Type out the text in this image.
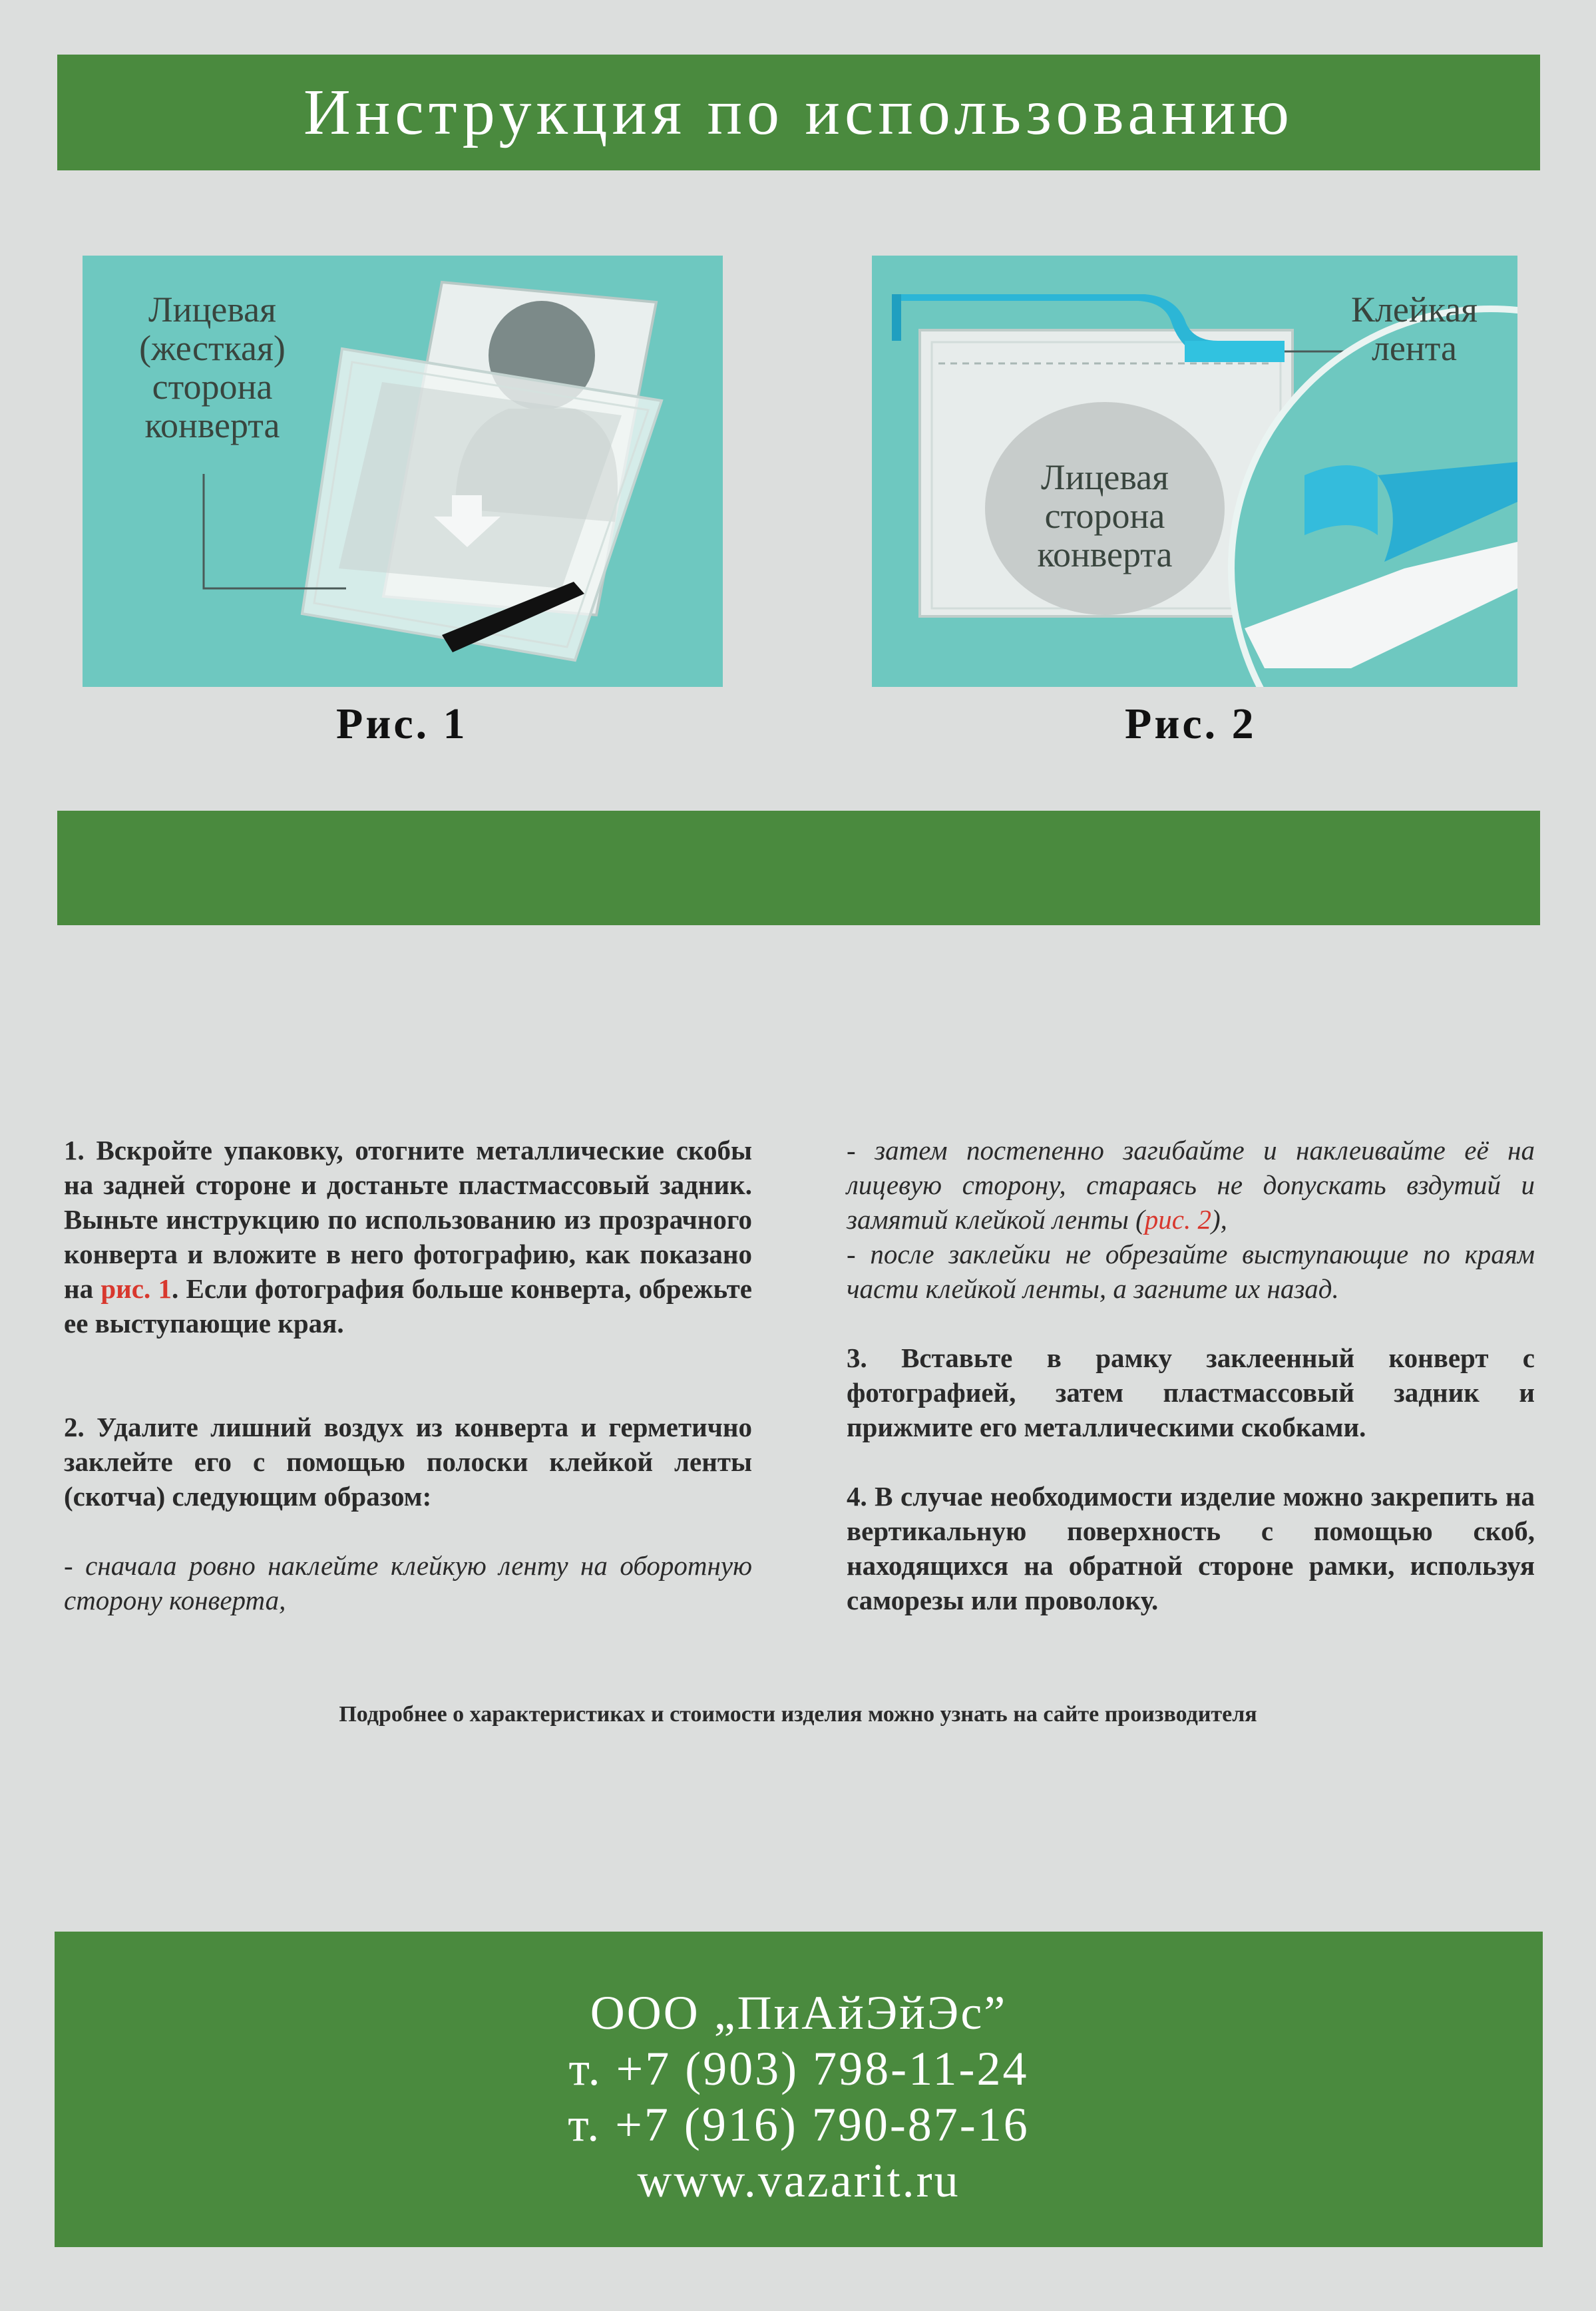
Инструкция по использованию
Лицевая
(жесткая)
сторона
конверта
Рис. 1
Клейкая
лента
Лицевая
сторона
конверта
Рис. 2

1. Вскройте упаковку, отогните металлические скобы на задней стороне и достаньте пластмассовый задник. Выньте инструкцию по использованию из прозрачного конверта и вложите в него фотографию, как показано на рис. 1. Если фотография больше конверта, обрежьте ее выступающие края.

2. Удалите лишний воздух из конверта и герметично заклейте его с помощью полоски клейкой ленты (скотча) следующим образом:

- сначала ровно наклейте клейкую ленту на оборотную сторону конверта,

- затем постепенно загибайте и наклеивайте её на лицевую сторону, стараясь не допускать вздутий и замятий клейкой ленты (рис. 2),

- после заклейки не обрезайте выступающие по краям части клейкой ленты, а загните их назад.

3. Вставьте в рамку заклеенный конверт с фотографией, затем пластмассовый задник и прижмите его металлическими скобками.

4. В случае необходимости изделие можно закрепить на вертикальную поверхность с помощью скоб, находящихся на обратной стороне рамки, используя саморезы или проволоку.

Подробнее о характеристиках и стоимости изделия можно узнать на сайте производителя
ООО „ПиАйЭйЭс”
т. +7 (903) 798-11-24
т. +7 (916) 790-87-16
www.vazarit.ru
